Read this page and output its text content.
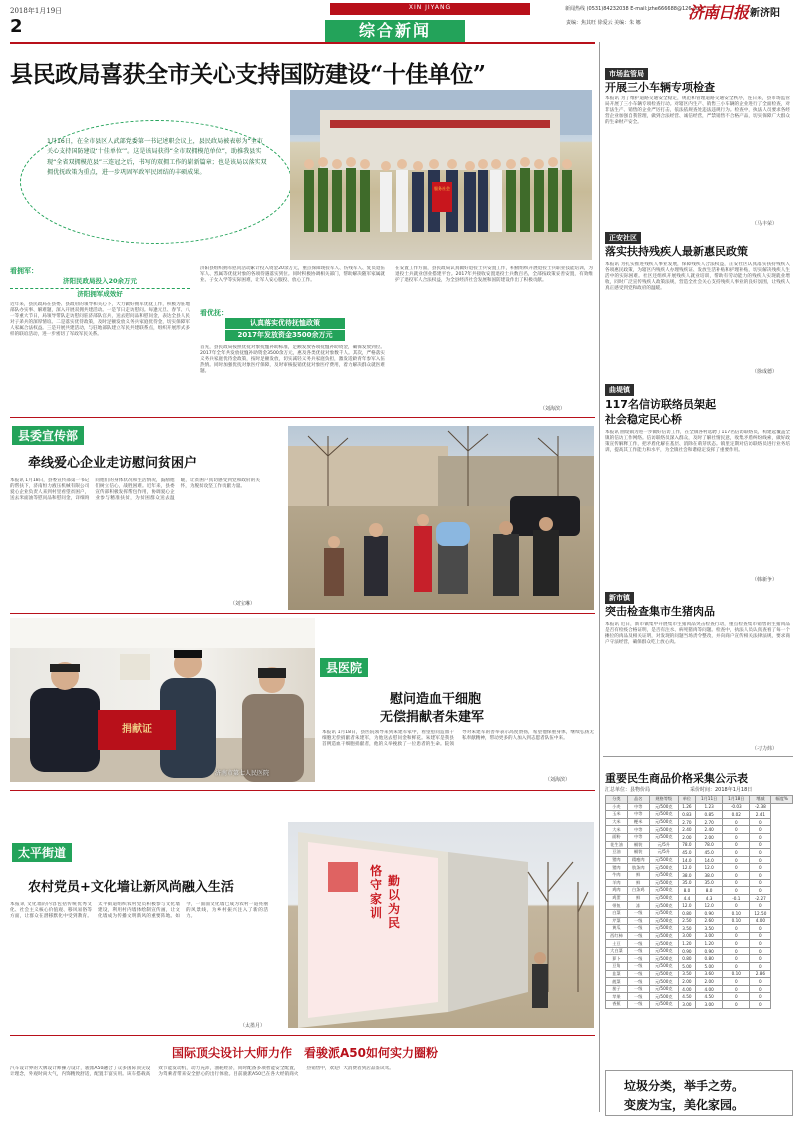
2018年1月19日	XIN JIYANG	新闻热线 (0531)84232038 E-mail:jzhe666688@126.com
济南日报 新济阳
责编：焦其旺 徐爱云 美编：朱 娜
2	综合新闻
县民政局喜获全市关心支持国防建设“十佳单位”
1月16日，在全市县区人武部党委第一书记述职会议上，县民政局被表彰为“全市关心支持国防建设‘十佳单位’”。这是该局获得“全市双拥模范单位”，助推我县实现“全省双拥模范县”三连冠之后，书写的双拥工作的崭新篇章；也是该局以落实双拥优抚政策为重点，进一步巩固军政军民团结的丰硕成果。
服务社会
看拥军：
济阳民政局投入20余万元
济阳拥军成效好
近年来，县民政局在县委、县政府的领导和关心下，大力做好拥军优抚工作，积极为驻地部队办实事、解难题，深入开展双拥共建活动。一是节日走访慰问。每逢元旦、春节、八一等重大节日，局领导带队走访慰问驻济部队官兵，送去慰问品和慰问金，表达全县人民对子弟兵的深厚情谊。二是落实优待政策，及时足额发放义务兵家庭优待金，切实保障军人家属合法权益。三是开展共建活动，与驻地部队建立军民共建联系点，组织开展形式多样的联谊活动，进一步密切了军政军民关系。
济阳县组织拥军慰问活动累计投入资金20余万元，重点保障现役军人、伤残军人、复员退伍军人、烈属等优抚对象的各项待遇落实到位。同时积极协调相关部门，帮助解决随军家属就业、子女入学等实际困难，让军人安心服役、放心工作。
看优抚：
认真落实优待抚恤政策
2017年发放资金3500余万元
首先，县民政局按照优抚对象抚恤补助标准，足额发放各项抚恤补助资金，确保发放到位。2017年全年共发放抚恤补助资金3500余万元，惠及各类优抚对象数千人。其次，严格落实义务兵家庭优待金政策，按时足额发放，切实减轻义务兵家庭负担，激发适龄青年参军入伍热情。同时加强优抚对象医疗保障，及时审核报销优抚对象医疗费用，着力解决群众就医难题。
在安置工作方面，县民政局认真做好退役士兵安置工作，积极组织开展退役士兵职业技能培训，为退役士兵就业创业搭建平台。2017年共接收安置退役士兵数百名，全部按政策妥善安置，有效维护了退役军人合法权益，为全县经济社会发展和国防建设作出了积极贡献。
（刘海滨）
县委宣传部
牵线爱心企业走访慰问贫困户
本报讯 1月18日，县委宣传部第一书记的帮扶下，济南恒力液压机械有限公司爱心企业负责人来到村里看望贫困户，送去米面油等慰问品和慰问金，详细询问他们的身体状况和生活情况，鼓励他们树立信心，战胜困难。近年来，县委宣传部积极发挥帮包作用，协调爱心企业参与精准扶贫，为贫困群众送去温暖，让贫困户真切感受到党和政府的关怀，为脱贫攻坚工作贡献力量。
（刘宝琳）
捐献证
济南市第七人民医院
县医院
慰问造血干细胞
无偿捐献者朱建军
本报讯 1月18日，县医院领导来到朱建军家中，看望慰问造血干细胞无偿捐献者朱建军，为他送去慰问金和鲜花。朱建军是我县首例造血干细胞捐献者，他的义举挽救了一位患者的生命。院领导对朱建军的善举表示高度赞扬，希望他保重身体，继续弘扬无私奉献精神，带动更多的人加入到志愿者队伍中来。
（刘海滨）
太平街道
农村党员+文化墙让新风尚融入生活
本报讯 文化墙的内容包括传统优秀文化、社会主义核心价值观、移风易俗等方面，让群众在潜移默化中受到教育。太平街道组织农村党员积极参与文化墙建设，利用村内墙体绘制宣传画，让文化墙成为传播文明新风的重要阵地。如今，一面面文化墙已成为农村一道亮丽的风景线，为乡村振兴注入了新的活力。
（太墨月）
恪守家训
勤以为民
国际顶尖设计大师力作　看骏派A50如何实力圈粉
汽车设计界的大牌设计师操刀设计，骏派A50融合了众多国际顶尖设计理念，外观时尚大气，内饰精致舒适，配置丰富实用。该车搭载高效节能发动机，动力充沛，油耗经济，同时配备多项智能安全配置，为驾乘者带来安全舒心的出行体验。目前骏派A50已在各大经销商火热销售中，欢迎广大消费者到店品鉴试驾。
市场监管局
开展三小车辆专项检查
本报讯 为了维护道路交通安全稳定，规范和管理道路交通安全秩序，连日来，县市场监管局开展了三小车辆专项检查行动。对辖区内生产、销售三小车辆的企业进行了全面检查，对非法生产、销售的企业严厉打击，依法依规查处违法违规行为。检查中，执法人员要求各经营企业加强自我管理，做到合法经营、诚信经营，严禁销售不合格产品，切实保障广大群众的生命财产安全。
（马丰荣）
正安社区
落实扶持残疾人最新惠民政策
本报讯 为扎实推进残疾人事业发展，保障残疾人合法权益，正安社区认真落实扶持残疾人各项惠民政策，为辖区内残疾人办理残疾证、发放生活补贴和护理补贴，切实解决残疾人生活中的实际困难。社区还组织开展残疾人就业培训，帮助有劳动能力的残疾人实现就业增收，同时广泛宣传残疾人政策法规，营造全社会关心支持残疾人事业的良好氛围，让残疾人真正感受到党和政府的温暖。
（徐成德）
曲堤镇
117名信访联络员架起
社会稳定民心桥
本报讯 曲堤镇为进一步做好信访工作，在全镇各村选聘了117名信访联络员，构建起覆盖全镇的信访工作网络。信访联络员深入群众，及时了解社情民意，收集矛盾纠纷线索，做好政策宣传解释工作，把矛盾化解在基层、消除在萌芽状态。镇里定期对信访联络员进行业务培训，提高其工作能力和水平，为全镇社会和谐稳定发挥了重要作用。
（韩新争）
新市镇
突击检查集市生猪肉品
本报讯 近日，新市镇集中开展集市生猪肉品突击检查行动，重点检查集市销售的生猪肉品是否有检疫合格证明，是否有注水、病死猪肉等问题。检查中，执法人员认真查看了每一个摊位的肉品及相关证明，对发现的问题当场责令整改，并向商户宣传相关法律法规，要求商户守法经营，确保群众吃上放心肉。
（刁力炜）
重要民生商品价格采集公示表
汇总单位：县物价局	采价时间：2018年1月18日
分类	品名	规格等级	单位	1月11日	1月18日	增减	幅度%
小麦	中等	元/500克	1.26	1.23	-0.03	-2.38	
玉米	中等	元/500克	0.83	0.85	0.02	2.41	
大米	粳米	元/500克	2.70	2.70	0	0	
大米	中等	元/500克	2.40	2.40	0	0	
面粉	中等	元/500克	2.00	2.00	0	0	
花生油	桶装	元/5升	78.0	78.0	0	0	
豆油	桶装	元/5升	45.0	45.0	0	0	
猪肉	精瘦肉	元/500克	14.0	14.0	0	0	
猪肉	肋条肉	元/500克	12.0	12.0	0	0	
牛肉	鲜	元/500克	38.0	38.0	0	0	
羊肉	鲜	元/500克	35.0	35.0	0	0	
鸡肉	白条鸡	元/500克	8.0	8.0	0	0	
鸡蛋	鲜	元/500克	4.4	4.3	-0.1	-2.27	
带鱼	冻	元/500克	12.0	12.0	0	0	
白菜	一级	元/500克	0.80	0.90	0.10	12.50	
芹菜	一级	元/500克	2.50	2.60	0.10	4.00	
黄瓜	一级	元/500克	3.50	3.50	0	0	
西红柿	一级	元/500克	3.00	3.00	0	0	
土豆	一级	元/500克	1.20	1.20	0	0	
大白菜	一级	元/500克	0.90	0.90	0	0	
萝卜	一级	元/500克	0.80	0.80	0	0	
豆角	一级	元/500克	5.00	5.00	0	0	
韭菜	一级	元/500克	3.50	3.60	0.10	2.86	
菠菜	一级	元/500克	2.00	2.00	0	0	
茄子	一级	元/500克	4.00	4.00	0	0	
苹果	一级	元/500克	4.50	4.50	0	0	
香蕉	一级	元/500克	3.00	3.00	0	0	
垃圾分类，举手之劳。
变废为宝，美化家园。
